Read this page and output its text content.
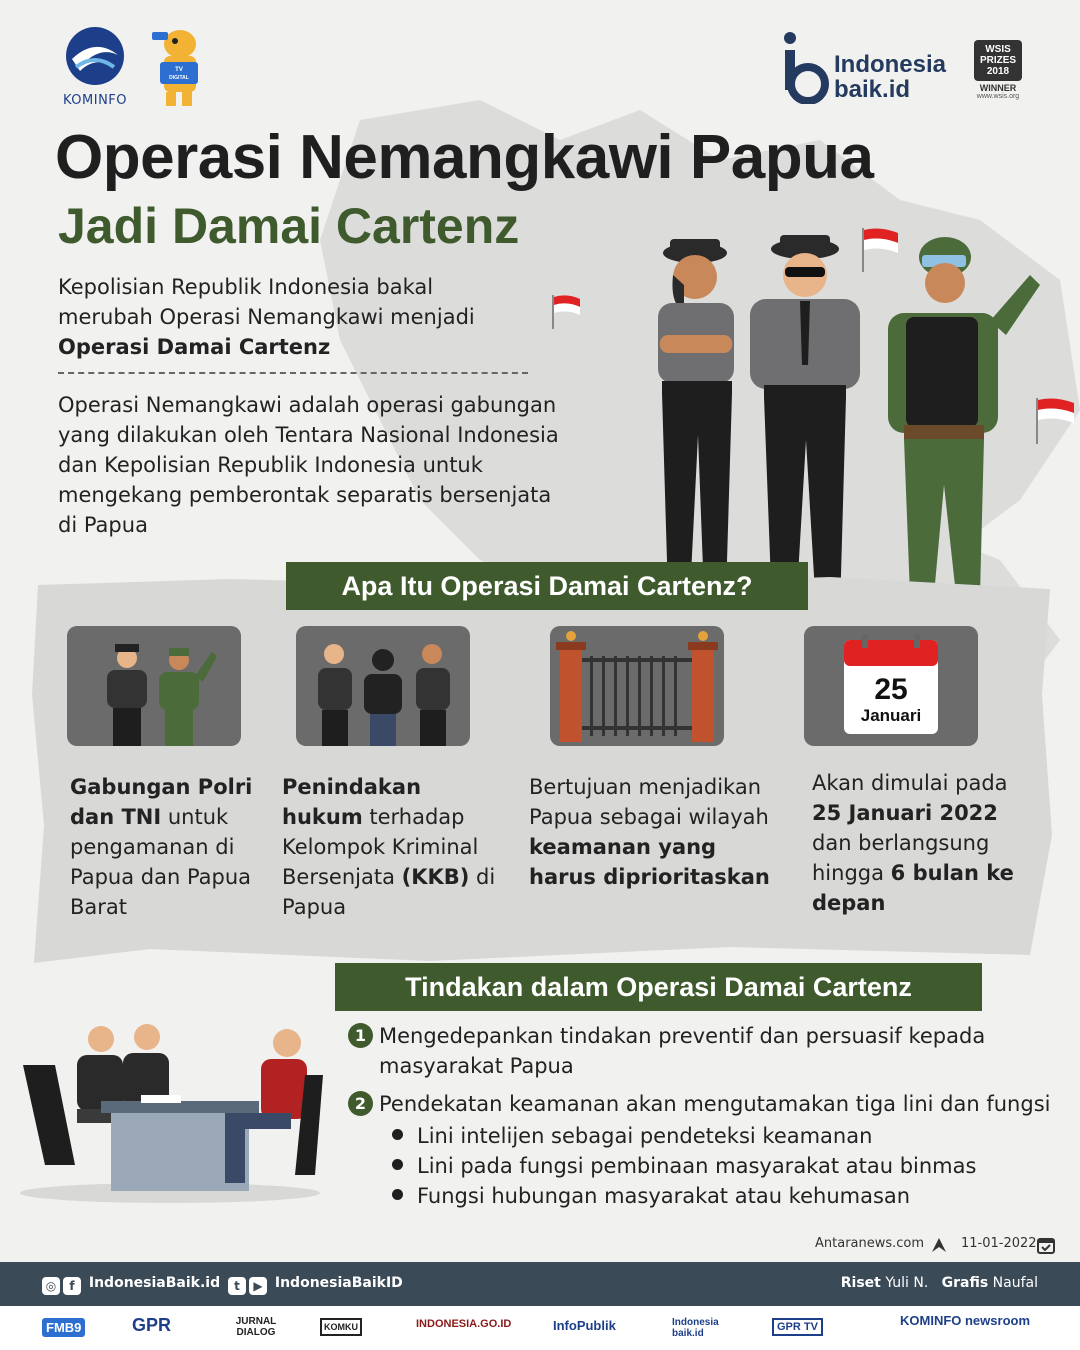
KOMINFO
TV
DIGITAL	Indonesia
baik.id
WSIS
PRIZES
2018
WINNER
www.wsis.org
Operasi Nemangkawi Papua
Jadi Damai Cartenz
Kepolisian Republik Indonesia bakal merubah Operasi Nemangkawi menjadi Operasi Damai Cartenz
Operasi Nemangkawi adalah operasi gabungan yang dilakukan oleh Tentara Nasional Indonesia dan Kepolisian Republik Indonesia untuk mengekang pemberontak separatis bersenjata di Papua
Apa Itu Operasi Damai Cartenz?
25
Januari
Gabungan Polri dan TNI untuk pengamanan di Papua dan Papua Barat
Penindakan hukum terhadap Kelompok Kriminal Bersenjata (KKB) di Papua
Bertujuan menjadikan Papua sebagai wilayah keamanan yang harus diprioritaskan
Akan dimulai pada 25 Januari 2022 dan berlangsung hingga 6 bulan ke depan
Tindakan dalam Operasi Damai Cartenz
1 Mengedepankan tindakan preventif dan persuasif kepada
masyarakat Papua
2 Pendekatan keamanan akan mengutamakan tiga lini dan fungsi
Lini intelijen sebagai pendeteksi keamanan
Lini pada fungsi pembinaan masyarakat atau binmas
Fungsi hubungan masyarakat atau kehumasan
Antaranews.com	11-01-2022
◎ f IndonesiaBaik.id	t ▶ IndonesiaBaikID	Riset Yuli N. Grafis Naufal
FMB9	GPR	JURNAL DIALOG	KOMKU	INDONESIA.GO.ID	InfoPublik	Indonesia baik.id
GPR TV	KOMINFO newsroom
